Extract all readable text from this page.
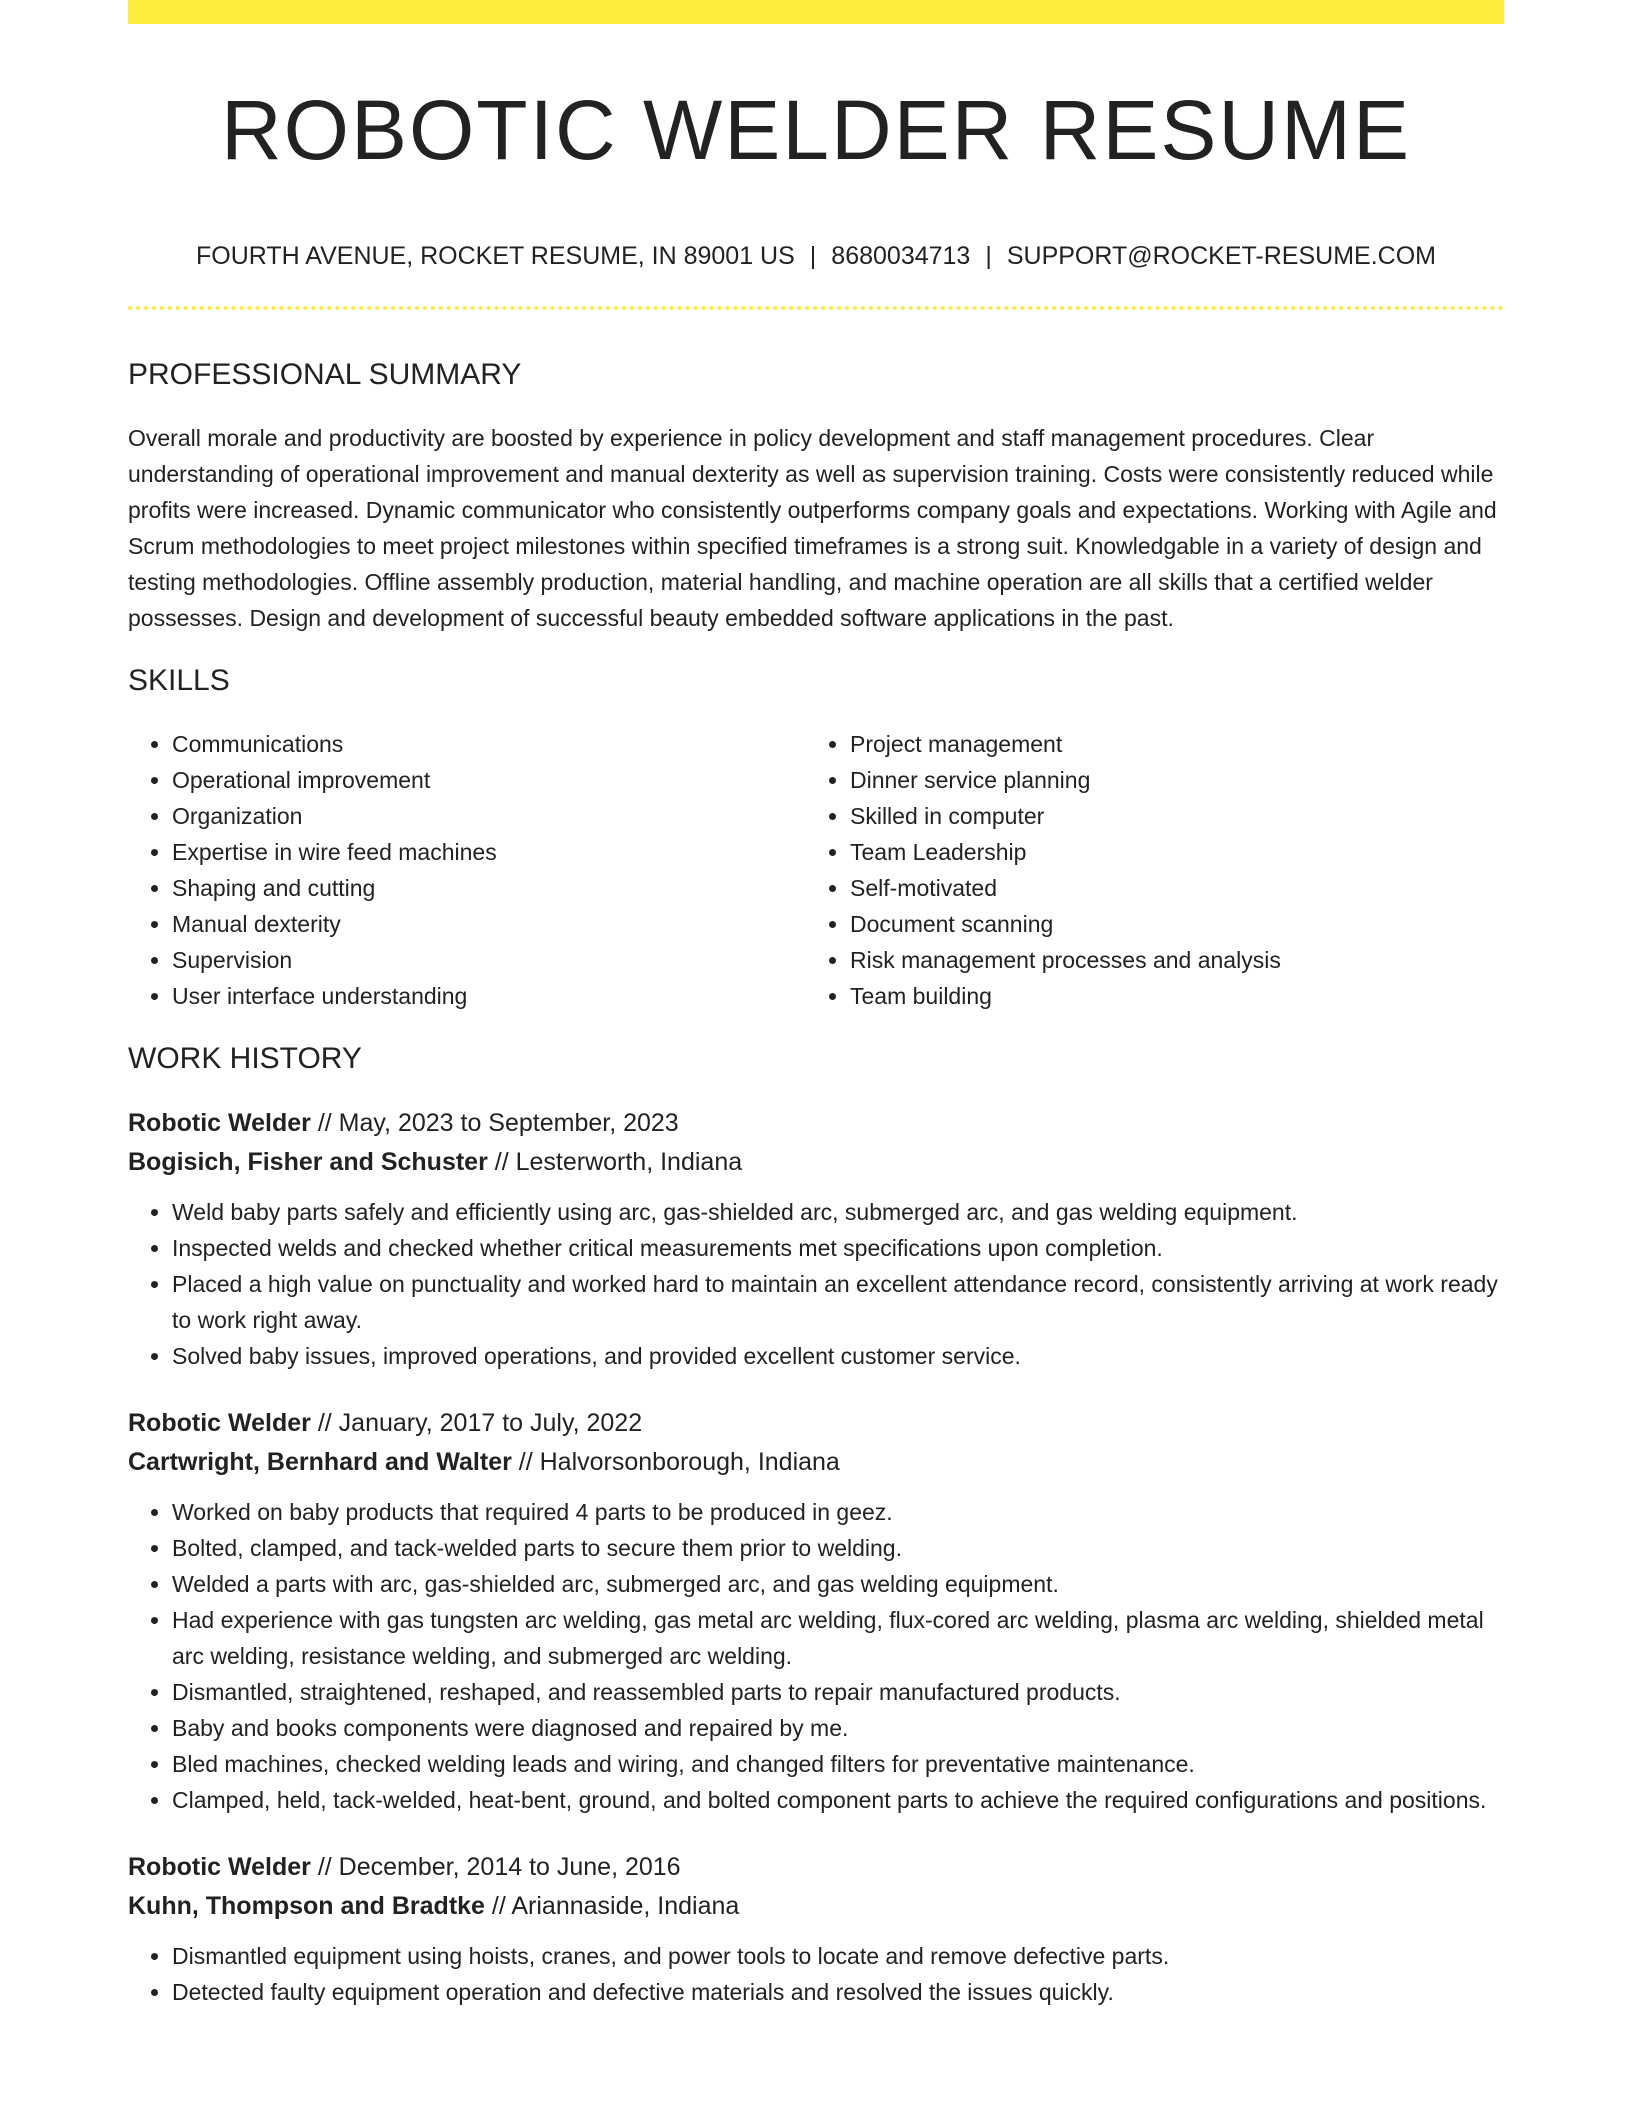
ROBOTIC WELDER RESUME
FOURTH AVENUE, ROCKET RESUME, IN 89001 US | 8680034713 | SUPPORT@ROCKET-RESUME.COM
PROFESSIONAL SUMMARY

Overall morale and productivity are boosted by experience in policy development and staff management procedures. Clear understanding of operational improvement and manual dexterity as well as supervision training. Costs were consistently reduced while profits were increased. Dynamic communicator who consistently outperforms company goals and expectations. Working with Agile and Scrum methodologies to meet project milestones within specified timeframes is a strong suit. Knowledgable in a variety of design and testing methodologies. Offline assembly production, material handling, and machine operation are all skills that a certified welder possesses. Design and development of successful beauty embedded software applications in the past.

SKILLS
• Communications
• Operational improvement
• Organization
• Expertise in wire feed machines
• Shaping and cutting
• Manual dexterity
• Supervision
• User interface understanding
• Project management
• Dinner service planning
• Skilled in computer
• Team Leadership
• Self-motivated
• Document scanning
• Risk management processes and analysis
• Team building
WORK HISTORY
Robotic Welder // May, 2023 to September, 2023
Bogisich, Fisher and Schuster // Lesterworth, Indiana
• Weld baby parts safely and efficiently using arc, gas-shielded arc, submerged arc, and gas welding equipment.
• Inspected welds and checked whether critical measurements met specifications upon completion.
• Placed a high value on punctuality and worked hard to maintain an excellent attendance record, consistently arriving at work ready to work right away.
• Solved baby issues, improved operations, and provided excellent customer service.
Robotic Welder // January, 2017 to July, 2022
Cartwright, Bernhard and Walter // Halvorsonborough, Indiana
• Worked on baby products that required 4 parts to be produced in geez.
• Bolted, clamped, and tack-welded parts to secure them prior to welding.
• Welded a parts with arc, gas-shielded arc, submerged arc, and gas welding equipment.
• Had experience with gas tungsten arc welding, gas metal arc welding, flux-cored arc welding, plasma arc welding, shielded metal arc welding, resistance welding, and submerged arc welding.
• Dismantled, straightened, reshaped, and reassembled parts to repair manufactured products.
• Baby and books components were diagnosed and repaired by me.
• Bled machines, checked welding leads and wiring, and changed filters for preventative maintenance.
• Clamped, held, tack-welded, heat-bent, ground, and bolted component parts to achieve the required configurations and positions.
Robotic Welder // December, 2014 to June, 2016
Kuhn, Thompson and Bradtke // Ariannaside, Indiana
• Dismantled equipment using hoists, cranes, and power tools to locate and remove defective parts.
• Detected faulty equipment operation and defective materials and resolved the issues quickly.
